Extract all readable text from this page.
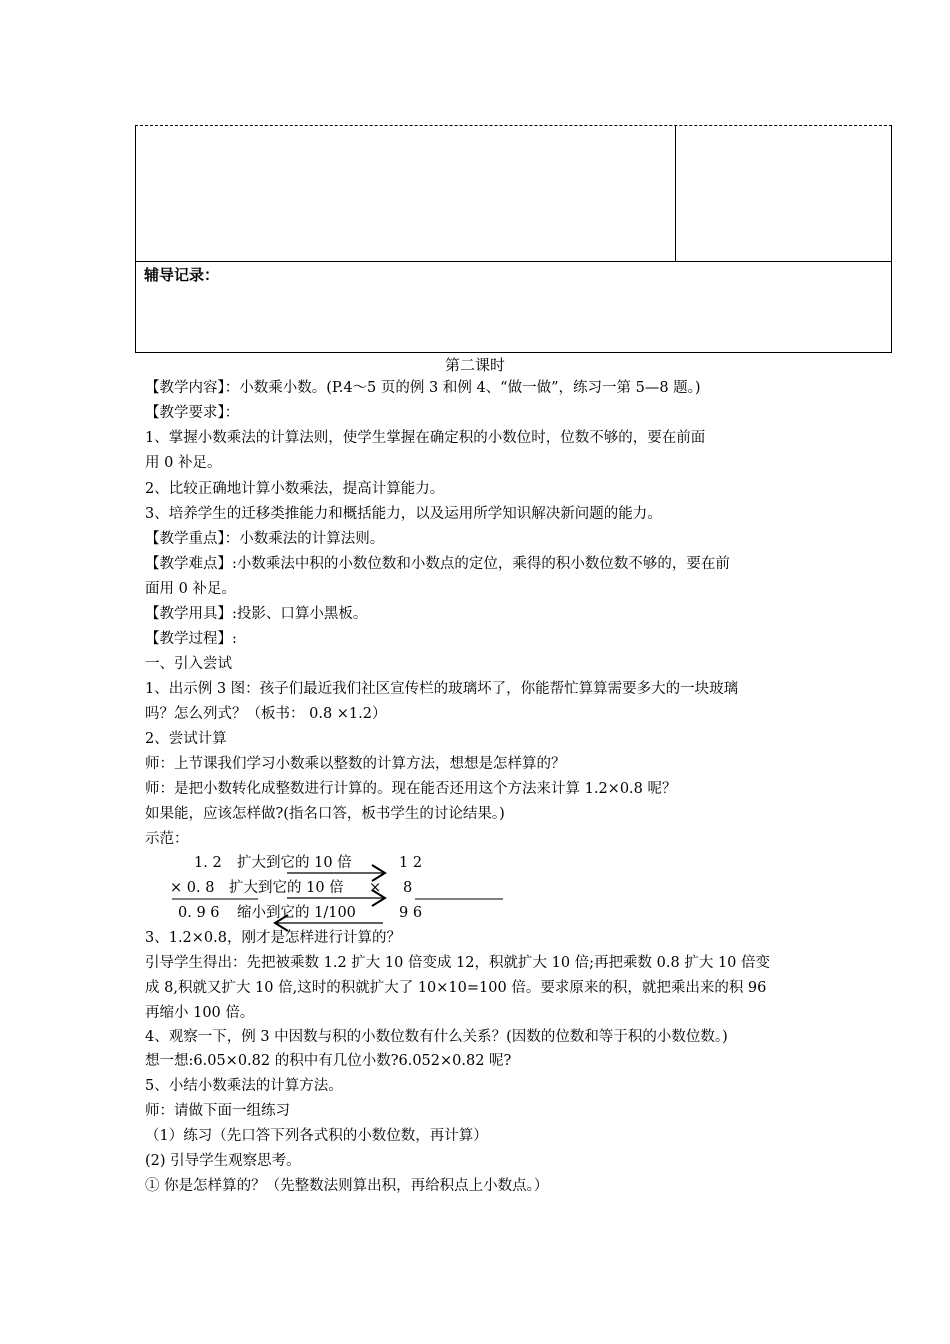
辅导记录：
第二课时
【教学内容】：小数乘小数。(P.4～5 页的例 3 和例 4、“做一做”，练习一第 5—8 题。)
【教学要求】：
1、掌握小数乘法的计算法则，使学生掌握在确定积的小数位时，位数不够的，要在前面
用 0 补足。
2、比较正确地计算小数乘法，提高计算能力。
3、培养学生的迁移类推能力和概括能力，以及运用所学知识解决新问题的能力。
【教学重点】：小数乘法的计算法则。
【教学难点】:小数乘法中积的小数位数和小数点的定位，乘得的积小数位数不够的，要在前
面用 0 补足。
【教学用具】:投影、口算小黑板。
【教学过程】:
一、引入尝试
1、出示例 3 图：孩子们最近我们社区宣传栏的玻璃坏了，你能帮忙算算需要多大的一块玻璃
吗？怎么列式？（板书： 0.8 ×1.2）
2、尝试计算
师：上节课我们学习小数乘以整数的计算方法，想想是怎样算的？
师：是把小数转化成整数进行计算的。现在能否还用这个方法来计算 1.2×0.8 呢？
如果能，应该怎样做?(指名口答，板书学生的讨论结果。)
示范：
1. 2 扩大到它的 10 倍	1 2
× 0. 8 扩大到它的 10 倍 × 8
0. 9 6 缩小到它的 1/100	9 6
3、1.2×0.8，刚才是怎样进行计算的？
引导学生得出：先把被乘数 1.2 扩大 10 倍变成 12，积就扩大 10 倍;再把乘数 0.8 扩大 10 倍变
成 8,积就又扩大 10 倍,这时的积就扩大了 10×10=100 倍。要求原来的积，就把乘出来的积 96
再缩小 100 倍。
4、观察一下，例 3 中因数与积的小数位数有什么关系？(因数的位数和等于积的小数位数。)
想一想:6.05×0.82 的积中有几位小数?6.052×0.82 呢?
5、小结小数乘法的计算方法。
师：请做下面一组练习
（1）练习（先口答下列各式积的小数位数，再计算）
(2) 引导学生观察思考。
① 你是怎样算的？（先整数法则算出积，再给积点上小数点。）
